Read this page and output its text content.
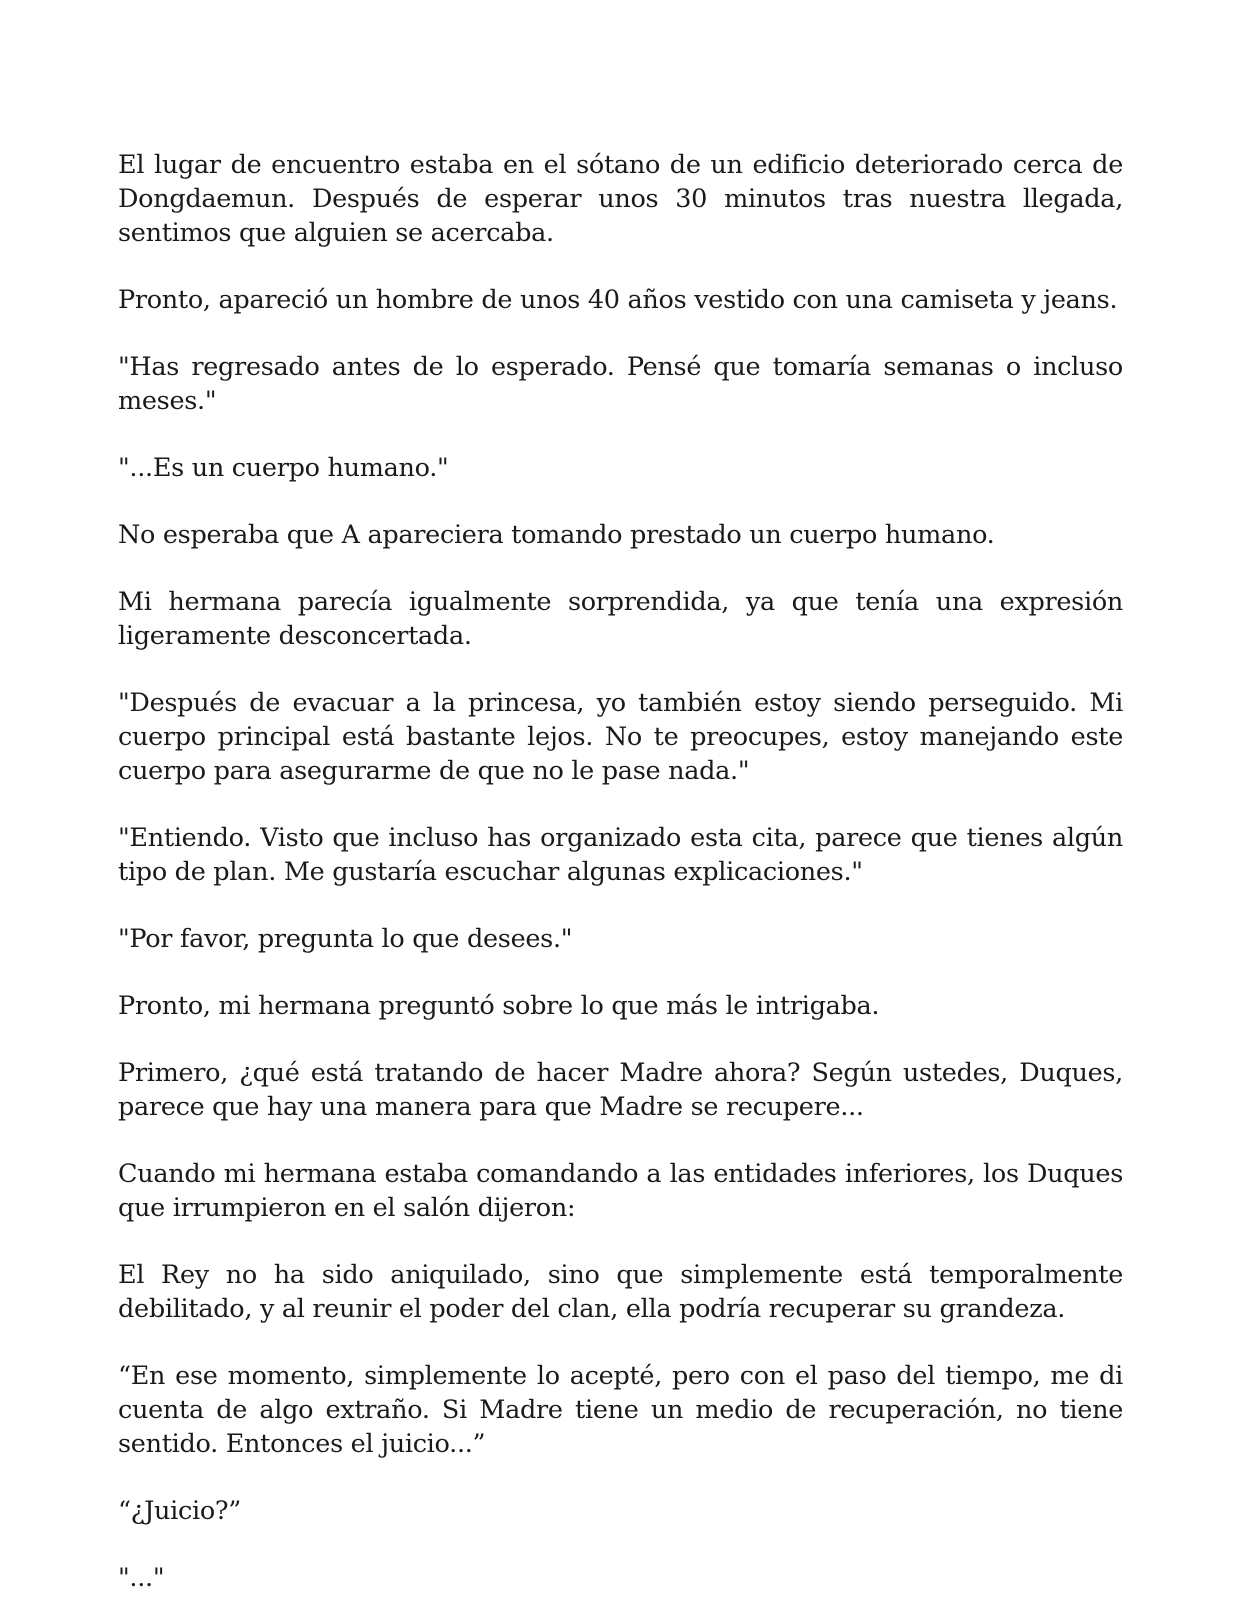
El lugar de encuentro estaba en el sótano de un edificio deteriorado cerca de Dongdaemun. Después de esperar unos 30 minutos tras nuestra llegada, sentimos que alguien se acercaba.

Pronto, apareció un hombre de unos 40 años vestido con una camiseta y jeans.

"Has regresado antes de lo esperado. Pensé que tomaría semanas o incluso meses."

"...Es un cuerpo humano."

No esperaba que A apareciera tomando prestado un cuerpo humano.

Mi hermana parecía igualmente sorprendida, ya que tenía una expresión ligeramente desconcertada.

"Después de evacuar a la princesa, yo también estoy siendo perseguido. Mi cuerpo principal está bastante lejos. No te preocupes, estoy manejando este cuerpo para asegurarme de que no le pase nada."

"Entiendo. Visto que incluso has organizado esta cita, parece que tienes algún tipo de plan. Me gustaría escuchar algunas explicaciones."

"Por favor, pregunta lo que desees."

Pronto, mi hermana preguntó sobre lo que más le intrigaba.

Primero, ¿qué está tratando de hacer Madre ahora? Según ustedes, Duques, parece que hay una manera para que Madre se recupere...

Cuando mi hermana estaba comandando a las entidades inferiores, los Duques que irrumpieron en el salón dijeron:

El Rey no ha sido aniquilado, sino que simplemente está temporalmente debilitado, y al reunir el poder del clan, ella podría recuperar su grandeza.

“En ese momento, simplemente lo acepté, pero con el paso del tiempo, me di cuenta de algo extraño. Si Madre tiene un medio de recuperación, no tiene sentido. Entonces el juicio...”

“¿Juicio?”

"..."
